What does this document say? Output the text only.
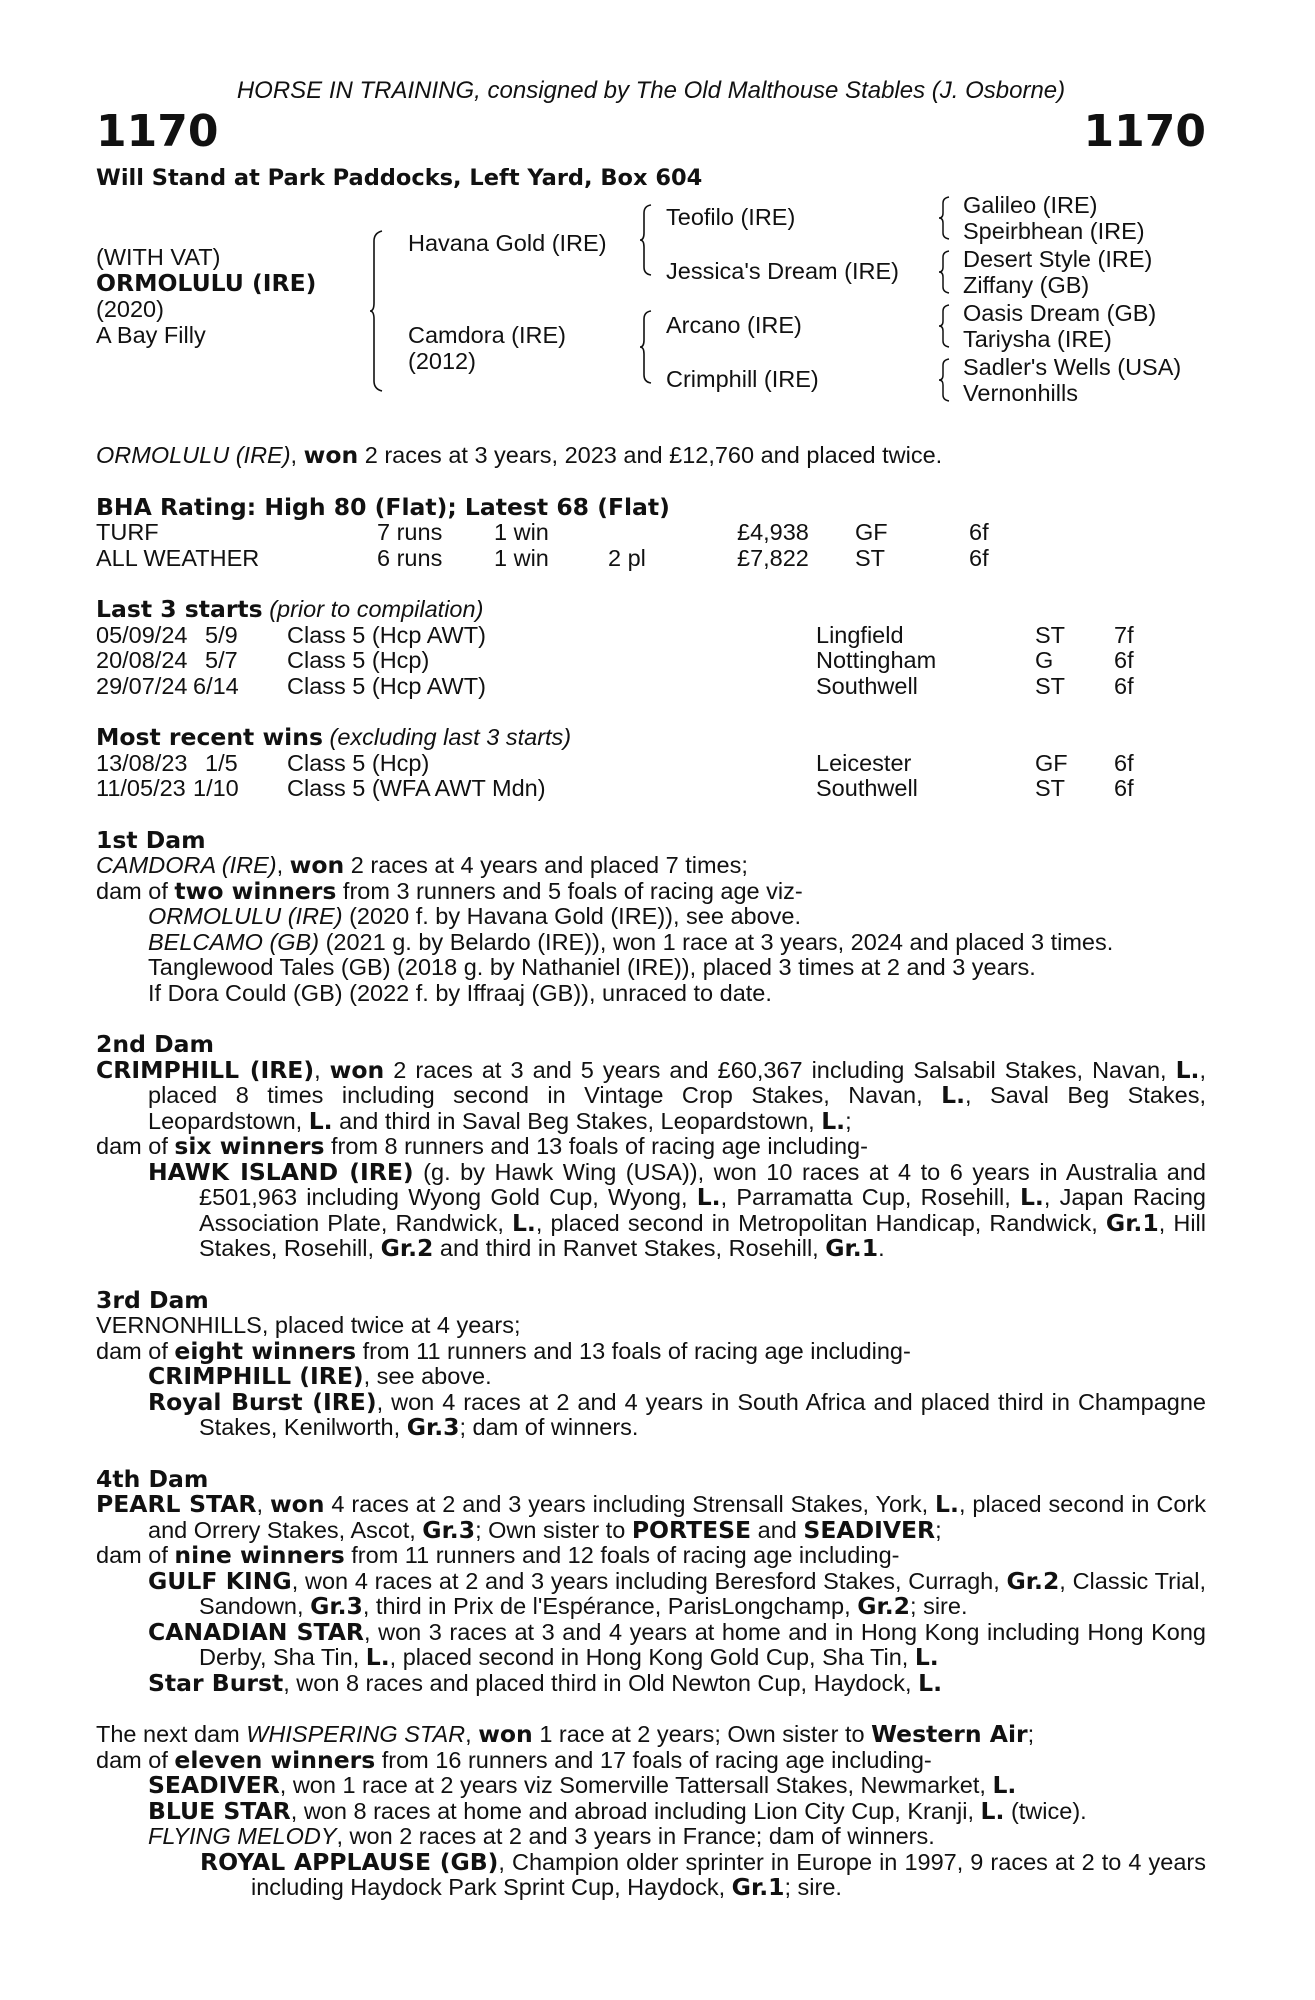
HORSE IN TRAINING, consigned by The Old Malthouse Stables (J. Osborne)
1170	1170
Will Stand at Park Paddocks, Left Yard, Box 604
(WITH VAT)
ORMOLULU (IRE)
(2020)
A Bay Filly
Havana Gold (IRE)
Camdora (IRE)
(2012)
Teofilo (IRE)
Jessica's Dream (IRE)
Arcano (IRE)
Crimphill (IRE)
Galileo (IRE)
Speirbhean (IRE)
Desert Style (IRE)
Ziffany (GB)
Oasis Dream (GB)
Tariysha (IRE)
Sadler's Wells (USA)
Vernonhills
ORMOLULU (IRE), won 2 races at 3 years, 2023 and £12,760 and placed twice.
BHA Rating: High 80 (Flat); Latest 68 (Flat)
TURF	7 runs 1 win	£4,938 GF	6f
ALL WEATHER	6 runs 1 win	2 pl	£7,822 ST	6f
Last 3 starts (prior to compilation)
05/09/24 5/9 Class 5 (Hcp AWT)	Lingfield	ST 7f
20/08/24 5/7 Class 5 (Hcp)	Nottingham	G	6f
29/07/24 6/14 Class 5 (Hcp AWT)	Southwell	ST 6f
Most recent wins (excluding last 3 starts)
13/08/23 1/5 Class 5 (Hcp)	Leicester	GF 6f
11/05/23 1/10 Class 5 (WFA AWT Mdn)	Southwell	ST 6f
1st Dam
CAMDORA (IRE), won 2 races at 4 years and placed 7 times;
dam of two winners from 3 runners and 5 foals of racing age viz-
ORMOLULU (IRE) (2020 f. by Havana Gold (IRE)), see above.
BELCAMO (GB) (2021 g. by Belardo (IRE)), won 1 race at 3 years, 2024 and placed 3 times.
Tanglewood Tales (GB) (2018 g. by Nathaniel (IRE)), placed 3 times at 2 and 3 years.
If Dora Could (GB) (2022 f. by Iffraaj (GB)), unraced to date.
2nd Dam
CRIMPHILL (IRE), won 2 races at 3 and 5 years and £60,367 including Salsabil Stakes, Navan, L., placed 8 times including second in Vintage Crop Stakes, Navan, L., Saval Beg Stakes, Leopardstown, L. and third in Saval Beg Stakes, Leopardstown, L.;
dam of six winners from 8 runners and 13 foals of racing age including-
HAWK ISLAND (IRE) (g. by Hawk Wing (USA)), won 10 races at 4 to 6 years in Australia and £501,963 including Wyong Gold Cup, Wyong, L., Parramatta Cup, Rosehill, L., Japan Racing Association Plate, Randwick, L., placed second in Metropolitan Handicap, Randwick, Gr.1, Hill Stakes, Rosehill, Gr.2 and third in Ranvet Stakes, Rosehill, Gr.1.
3rd Dam
VERNONHILLS, placed twice at 4 years;
dam of eight winners from 11 runners and 13 foals of racing age including-
CRIMPHILL (IRE), see above.
Royal Burst (IRE), won 4 races at 2 and 4 years in South Africa and placed third in Champagne Stakes, Kenilworth, Gr.3; dam of winners.
4th Dam
PEARL STAR, won 4 races at 2 and 3 years including Strensall Stakes, York, L., placed second in Cork and Orrery Stakes, Ascot, Gr.3; Own sister to PORTESE and SEADIVER;
dam of nine winners from 11 runners and 12 foals of racing age including-
GULF KING, won 4 races at 2 and 3 years including Beresford Stakes, Curragh, Gr.2, Classic Trial, Sandown, Gr.3, third in Prix de l'Espérance, ParisLongchamp, Gr.2; sire.
CANADIAN STAR, won 3 races at 3 and 4 years at home and in Hong Kong including Hong Kong Derby, Sha Tin, L., placed second in Hong Kong Gold Cup, Sha Tin, L.
Star Burst, won 8 races and placed third in Old Newton Cup, Haydock, L.
The next dam WHISPERING STAR, won 1 race at 2 years; Own sister to Western Air;
dam of eleven winners from 16 runners and 17 foals of racing age including-
SEADIVER, won 1 race at 2 years viz Somerville Tattersall Stakes, Newmarket, L.
BLUE STAR, won 8 races at home and abroad including Lion City Cup, Kranji, L. (twice).
FLYING MELODY, won 2 races at 2 and 3 years in France; dam of winners.
ROYAL APPLAUSE (GB), Champion older sprinter in Europe in 1997, 9 races at 2 to 4 years including Haydock Park Sprint Cup, Haydock, Gr.1; sire.
